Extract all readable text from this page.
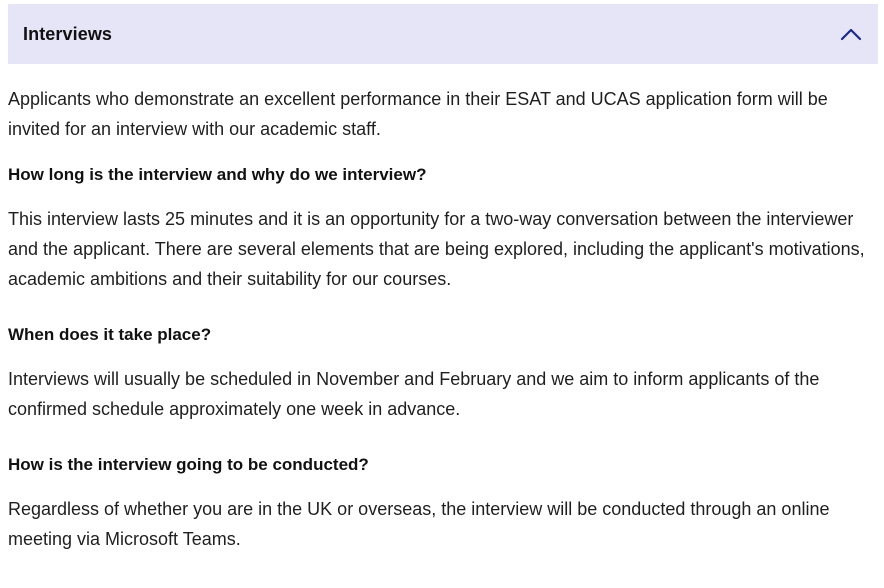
Interviews

Applicants who demonstrate an excellent performance in their ESAT and UCAS application form will be invited for an interview with our academic staff.

How long is the interview and why do we interview?

This interview lasts 25 minutes and it is an opportunity for a two-way conversation between the interviewer and the applicant. There are several elements that are being explored, including the applicant's motivations, academic ambitions and their suitability for our courses.

When does it take place?

Interviews will usually be scheduled in November and February and we aim to inform applicants of the confirmed schedule approximately one week in advance.

How is the interview going to be conducted?

Regardless of whether you are in the UK or overseas, the interview will be conducted through an online meeting via Microsoft Teams.
